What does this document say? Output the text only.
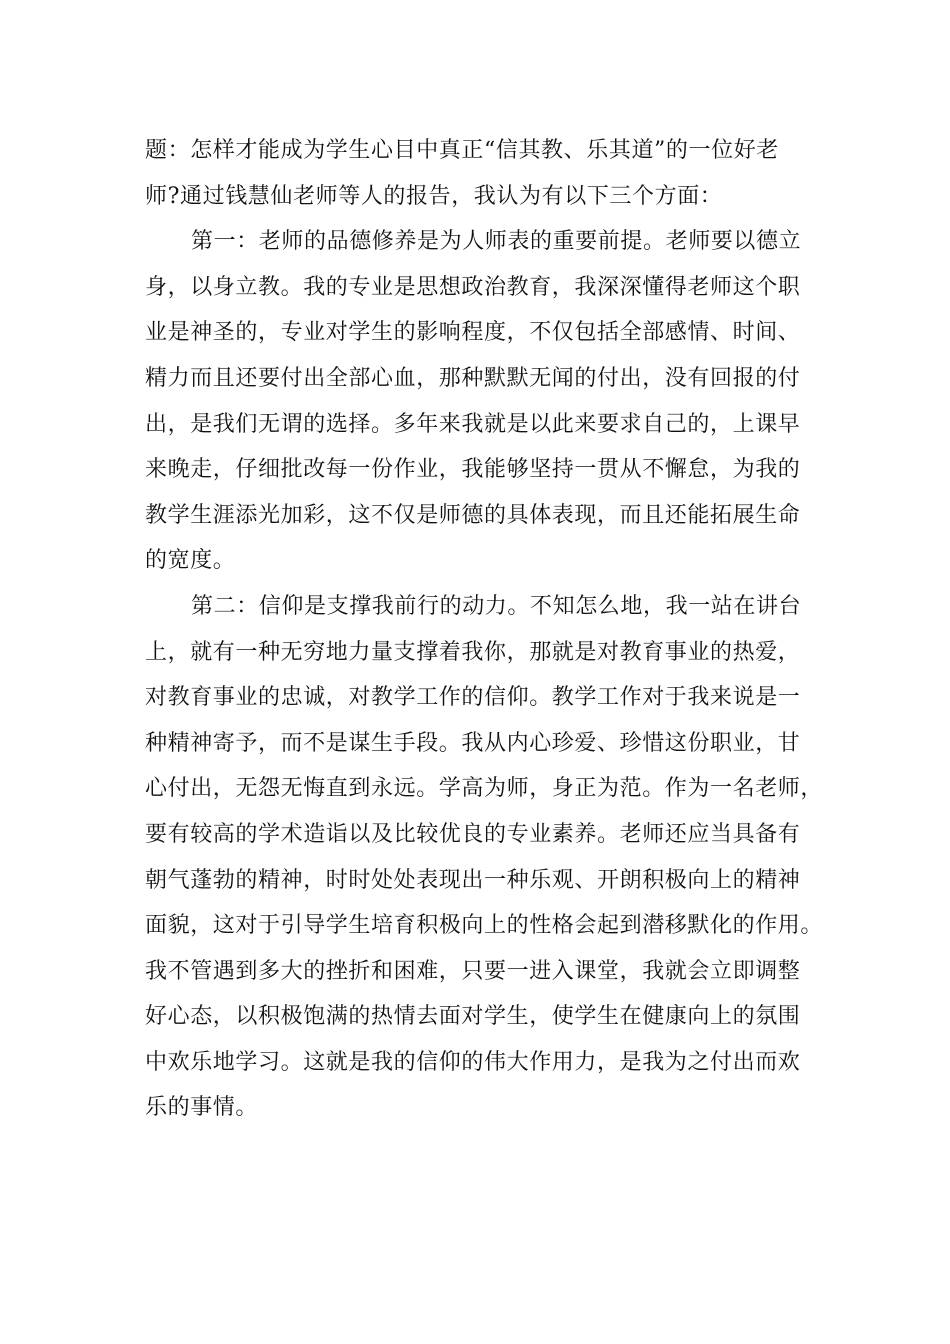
题：怎样才能成为学生心目中真正“信其教、乐其道”的一位好老
师?通过钱慧仙老师等人的报告，我认为有以下三个方面：
第一：老师的品德修养是为人师表的重要前提。老师要以德立
身，以身立教。我的专业是思想政治教育，我深深懂得老师这个职
业是神圣的，专业对学生的影响程度，不仅包括全部感情、时间、
精力而且还要付出全部心血，那种默默无闻的付出，没有回报的付
出，是我们无谓的选择。多年来我就是以此来要求自己的，上课早
来晚走，仔细批改每一份作业，我能够坚持一贯从不懈怠，为我的
教学生涯添光加彩，这不仅是师德的具体表现，而且还能拓展生命
的宽度。
第二：信仰是支撑我前行的动力。不知怎么地，我一站在讲台
上，就有一种无穷地力量支撑着我你，那就是对教育事业的热爱，
对教育事业的忠诚，对教学工作的信仰。教学工作对于我来说是一
种精神寄予，而不是谋生手段。我从内心珍爱、珍惜这份职业，甘
心付出，无怨无悔直到永远。学高为师，身正为范。作为一名老师，
要有较高的学术造诣以及比较优良的专业素养。老师还应当具备有
朝气蓬勃的精神，时时处处表现出一种乐观、开朗积极向上的精神
面貌，这对于引导学生培育积极向上的性格会起到潜移默化的作用。
我不管遇到多大的挫折和困难，只要一进入课堂，我就会立即调整
好心态，以积极饱满的热情去面对学生，使学生在健康向上的氛围
中欢乐地学习。这就是我的信仰的伟大作用力，是我为之付出而欢
乐的事情。
